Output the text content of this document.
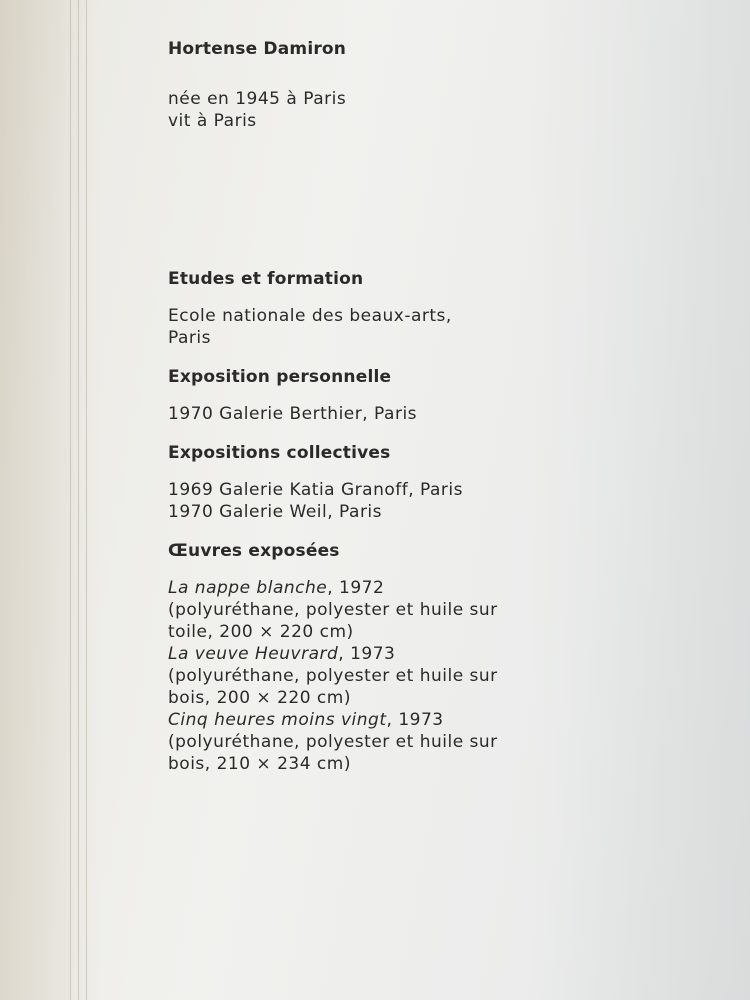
Hortense Damiron

née en 1945 à Paris

vit à Paris

Etudes et formation

Ecole nationale des beaux-arts,

Paris

Exposition personnelle

1970 Galerie Berthier, Paris

Expositions collectives

1969 Galerie Katia Granoff, Paris

1970 Galerie Weil, Paris

Œuvres exposées

La nappe blanche, 1972

(polyuréthane, polyester et huile sur

toile, 200 × 220 cm)

La veuve Heuvrard, 1973

(polyuréthane, polyester et huile sur

bois, 200 × 220 cm)

Cinq heures moins vingt, 1973

(polyuréthane, polyester et huile sur

bois, 210 × 234 cm)
